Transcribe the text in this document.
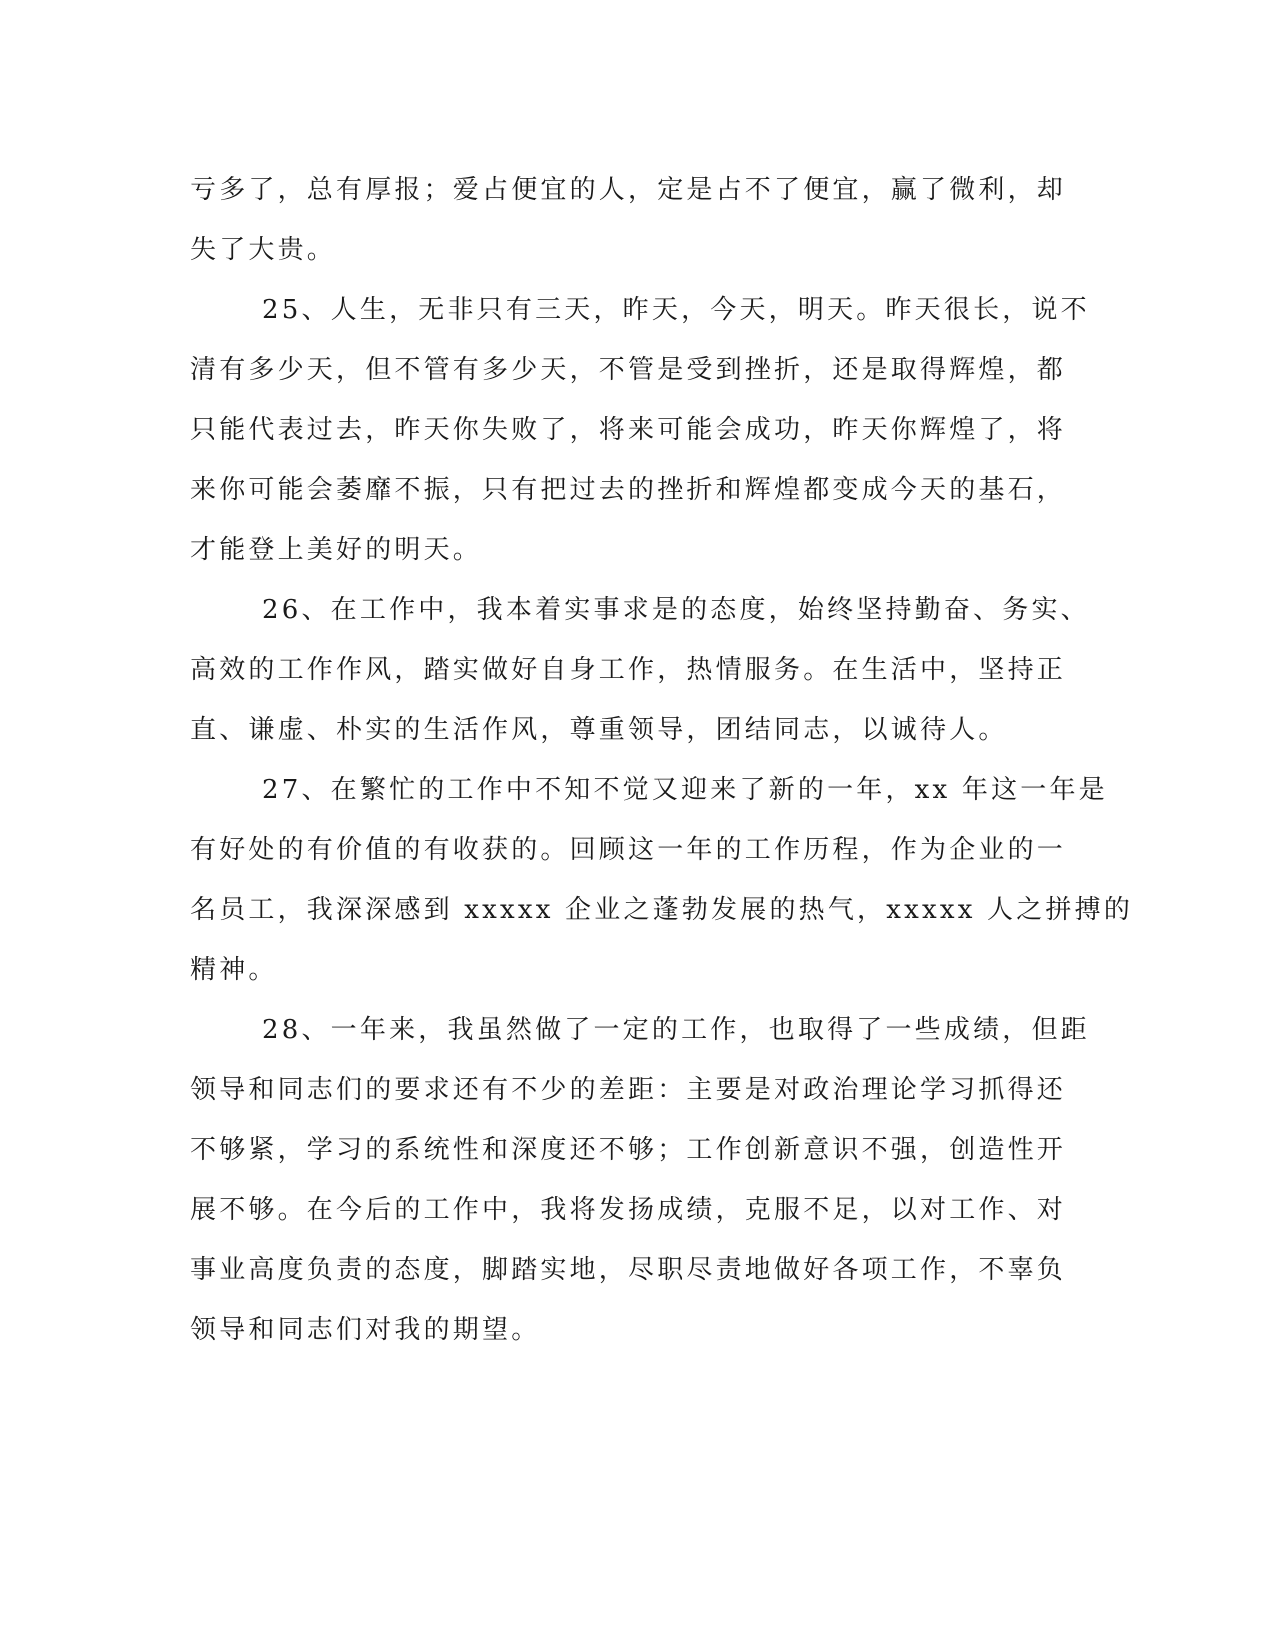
亏多了，总有厚报；爱占便宜的人，定是占不了便宜，赢了微利，却
失了大贵。
25、人生，无非只有三天，昨天，今天，明天。昨天很长，说不
清有多少天，但不管有多少天，不管是受到挫折，还是取得辉煌，都
只能代表过去，昨天你失败了，将来可能会成功，昨天你辉煌了，将
来你可能会萎靡不振，只有把过去的挫折和辉煌都变成今天的基石，
才能登上美好的明天。
26、在工作中，我本着实事求是的态度，始终坚持勤奋、务实、
高效的工作作风，踏实做好自身工作，热情服务。在生活中，坚持正
直、谦虚、朴实的生活作风，尊重领导，团结同志，以诚待人。
27、在繁忙的工作中不知不觉又迎来了新的一年，xx 年这一年是
有好处的有价值的有收获的。回顾这一年的工作历程，作为企业的一
名员工，我深深感到 xxxxx 企业之蓬勃发展的热气，xxxxx 人之拼搏的
精神。
28、一年来，我虽然做了一定的工作，也取得了一些成绩，但距
领导和同志们的要求还有不少的差距：主要是对政治理论学习抓得还
不够紧，学习的系统性和深度还不够；工作创新意识不强，创造性开
展不够。在今后的工作中，我将发扬成绩，克服不足，以对工作、对
事业高度负责的态度，脚踏实地，尽职尽责地做好各项工作，不辜负
领导和同志们对我的期望。
